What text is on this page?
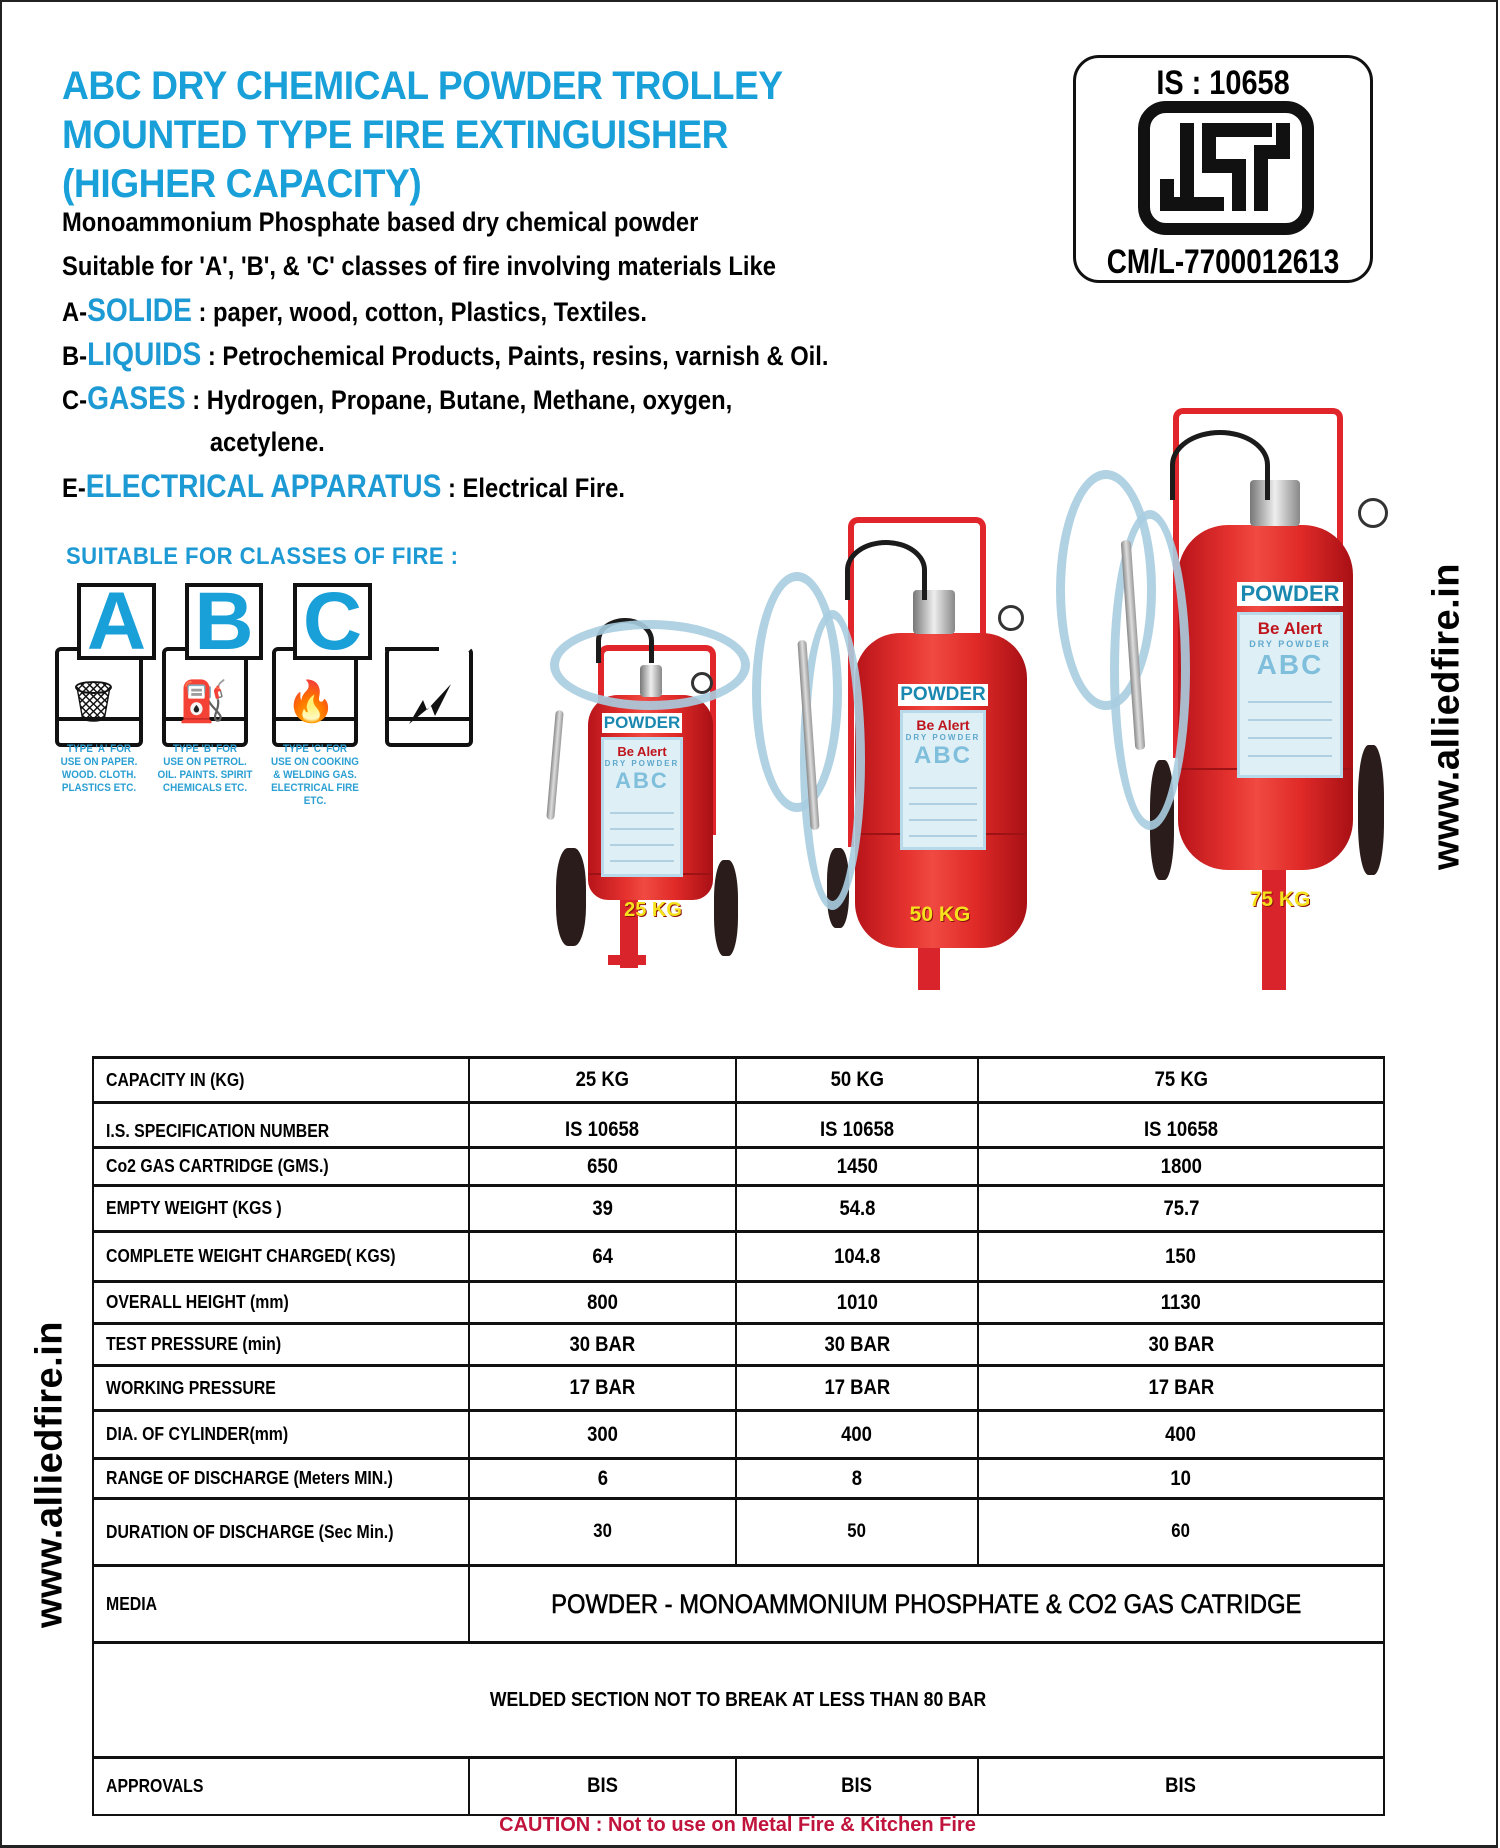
ABC DRY CHEMICAL POWDER TROLLEY
MOUNTED TYPE FIRE EXTINGUISHER
(HIGHER CAPACITY)
Monoammonium Phosphate based dry chemical powder
Suitable for 'A', 'B', & 'C' classes of fire involving materials Like
A-SOLIDE : paper, wood, cotton, Plastics, Textiles.
B-LIQUIDS : Petrochemical Products, Paints, resins, varnish & Oil.
C-GASES : Hydrogen, Propane, Butane, Methane, oxygen,
acetylene.
E-ELECTRICAL APPARATUS : Electrical Fire.
IS : 10658
CM/L-7700012613
SUITABLE FOR CLASSES OF FIRE :
🗑
A
TYPE 'A' FOR
USE ON PAPER.
WOOD. CLOTH.
PLASTICS ETC.
⛽
B
TYPE 'B' FOR
USE ON PETROL.
OIL. PAINTS. SPIRIT
CHEMICALS ETC.
🔥
C
TYPE 'C' FOR
USE ON COOKING
& WELDING GAS.
ELECTRICAL FIRE ETC.
POWDER
Be Alert
DRY POWDER
ABC
25 KG
POWDER
Be Alert
DRY POWDER
ABC
50 KG
POWDER
Be Alert
DRY POWDER
ABC
75 KG
www.alliedfire.in
www.alliedfire.in
CAPACITY IN (KG)	25 KG	50 KG	75 KG
I.S. SPECIFICATION NUMBER	IS 10658	IS 10658	IS 10658
Co2 GAS CARTRIDGE (GMS.)	650	1450	1800
EMPTY WEIGHT (KGS )	39	54.8	75.7
COMPLETE WEIGHT CHARGED( KGS)	64	104.8	150
OVERALL HEIGHT (mm)	800	1010	1130
TEST PRESSURE (min)	30 BAR	30 BAR	30 BAR
WORKING PRESSURE	17 BAR	17 BAR	17 BAR
DIA. OF CYLINDER(mm)	300	400	400
RANGE OF DISCHARGE (Meters MIN.)	6	8	10
DURATION OF DISCHARGE (Sec Min.)	30	50	60
MEDIA	POWDER - MONOAMMONIUM PHOSPHATE & CO2 GAS CATRIDGE		
WELDED SECTION NOT TO BREAK AT LESS THAN 80 BAR			
APPROVALS	BIS	BIS	BIS
CAUTION : Not to use on Metal Fire & Kitchen Fire
